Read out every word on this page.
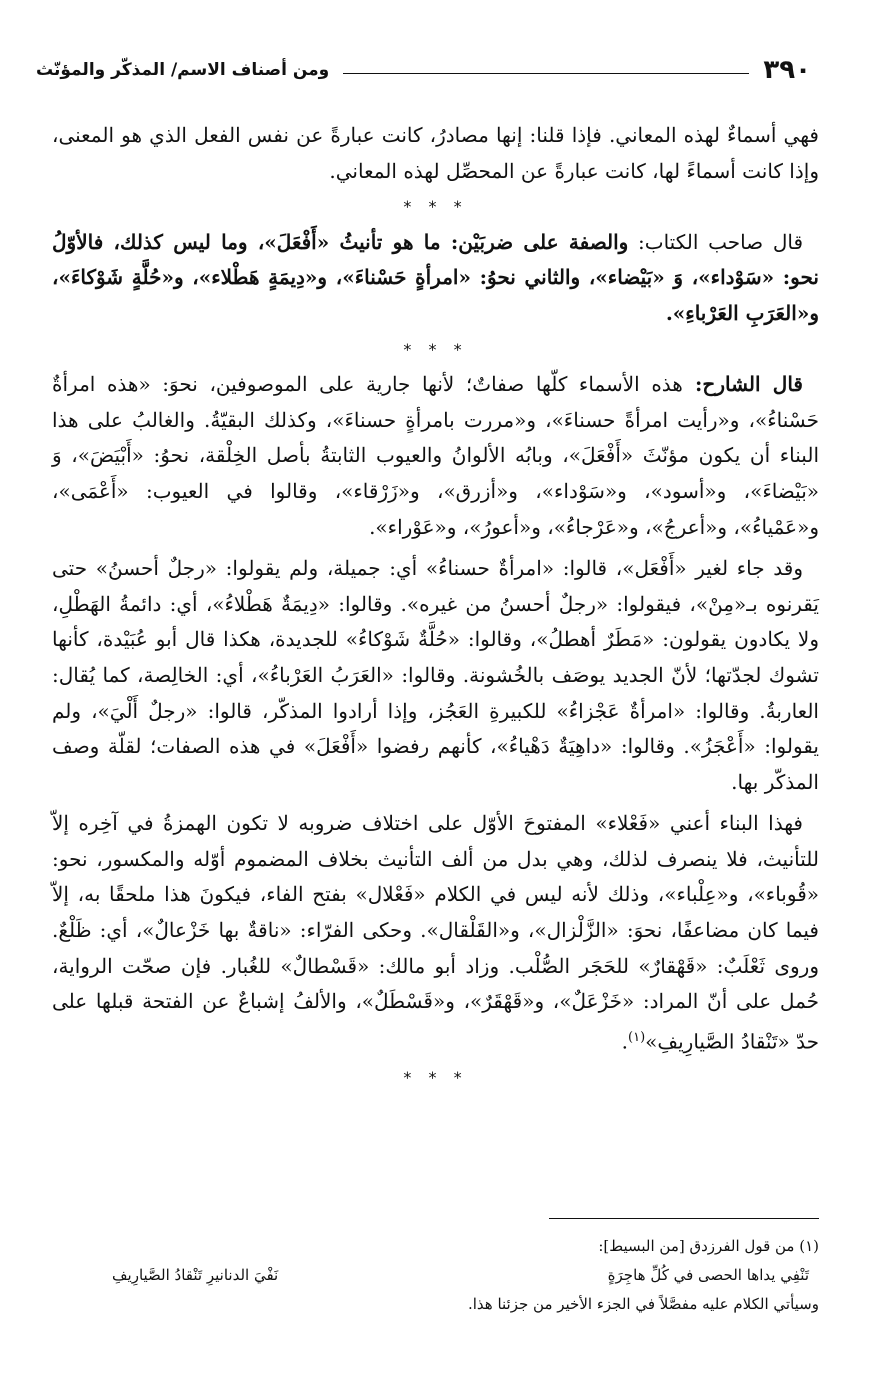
٣٩٠
ومن أصناف الاسم/ المذكّر والمؤنّث

فهي أسماءٌ لهذه المعاني. فإذا قلنا: إنها مصادرُ، كانت عبارةً عن نفس الفعل الذي هو المعنى، وإذا كانت أسماءً لها، كانت عبارةً عن المحصِّل لهذه المعاني.

* * *

قال صاحب الكتاب: والصفة على ضربَيْن: ما هو تأنيثُ «أَفْعَلَ»، وما ليس كذلك، فالأوّلُ نحو: «سَوْداء»، وَ «بَيْضاء»، والثاني نحوُ: «امرأةٍ حَسْناءَ»، و«دِيمَةٍ هَطْلاء»، و«حُلَّةٍ شَوْكاءَ»، و«العَرَبِ العَرْباءِ».

* * *

قال الشارح: هذه الأسماء كلّها صفاتٌ؛ لأنها جارية على الموصوفين، نحوَ: «هذه امرأةٌ حَسْناءُ»، و«رأيت امرأةً حسناءَ»، و«مررت بامرأةٍ حسناءَ»، وكذلك البقيّةُ. والغالبُ على هذا البناء أن يكون مؤنّثَ «أَفْعَلَ»، وبابُه الألوانُ والعيوب الثابتةُ بأصل الخِلْقة، نحوُ: «أَبْيَضَ»، وَ «بَيْضاءَ»، و«أسود»، و«سَوْداء»، و«أزرق»، و«زَرْقاء»، وقالوا في العيوب: «أَعْمَى»، و«عَمْياءُ»، و«أعرجُ»، و«عَرْجاءُ»، و«أعورُ»، و«عَوْراء».

وقد جاء لغير «أَفْعَل»، قالوا: «امرأةٌ حسناءُ» أي: جميلة، ولم يقولوا: «رجلٌ أحسنُ» حتى يَقرنوه بـ«مِنْ»، فيقولوا: «رجلٌ أحسنُ من غيره». وقالوا: «دِيمَةٌ هَطْلاءُ»، أي: دائمةُ الهَطْلِ، ولا يكادون يقولون: «مَطَرٌ أهطلُ»، وقالوا: «حُلَّةٌ شَوْكاءُ» للجديدة، هكذا قال أبو عُبَيْدة، كأنها تشوك لجدّتها؛ لأنّ الجديد يوصَف بالخُشونة. وقالوا: «العَرَبُ العَرْباءُ»، أي: الخالِصة، كما يُقال: العاربةُ. وقالوا: «امرأةٌ عَجْزاءُ» للكبيرةِ العَجُز، وإذا أرادوا المذكّر، قالوا: «رجلٌ أَلْيَ»، ولم يقولوا: «أَعْجَزُ». وقالوا: «داهِيَةٌ دَهْياءُ»، كأنهم رفضوا «أَفْعَلَ» في هذه الصفات؛ لقلّة وصف المذكّر بها.

فهذا البناء أعني «فَعْلاء» المفتوحَ الأوّل على اختلاف ضروبه لا تكون الهمزةُ في آخِره إلاّ للتأنيث، فلا ينصرف لذلك، وهي بدل من ألف التأنيث بخلاف المضموم أوّله والمكسور، نحو: «قُوباء»، و«عِلْباء»، وذلك لأنه ليس في الكلام «فَعْلال» بفتح الفاء، فيكونَ هذا ملحقًا به، إلاّ فيما كان مضاعفًا، نحوَ: «الزَّلْزال»، و«القَلْقال». وحكى الفرّاء: «ناقةٌ بها خَزْعالٌ»، أي: ظَلْعٌ. وروى ثَعْلَبٌ: «قَهْقارٌ» للحَجَر الصُّلْب. وزاد أبو مالك: «قَسْطالٌ» للغُبار. فإن صحّت الرواية، حُمل على أنّ المراد: «خَزْعَلٌ»، و«قَهْقَرٌ»، و«قَسْطَلٌ»، والألفُ إشباعٌ عن الفتحة قبلها على حدّ «تَنْقادُ الصَّيارِيفِ»$^{(١)}$.

* * *
(١) من قول الفرزدق [من البسيط]:
تَنْفِي يداها الحصى في كُلِّ هاجِرَةٍ
نَفْيَ الدنانيرِ تَنْقادُ الصَّيارِيفِ
وسيأتي الكلام عليه مفصَّلاً في الجزء الأخير من جزئنا هذا.
